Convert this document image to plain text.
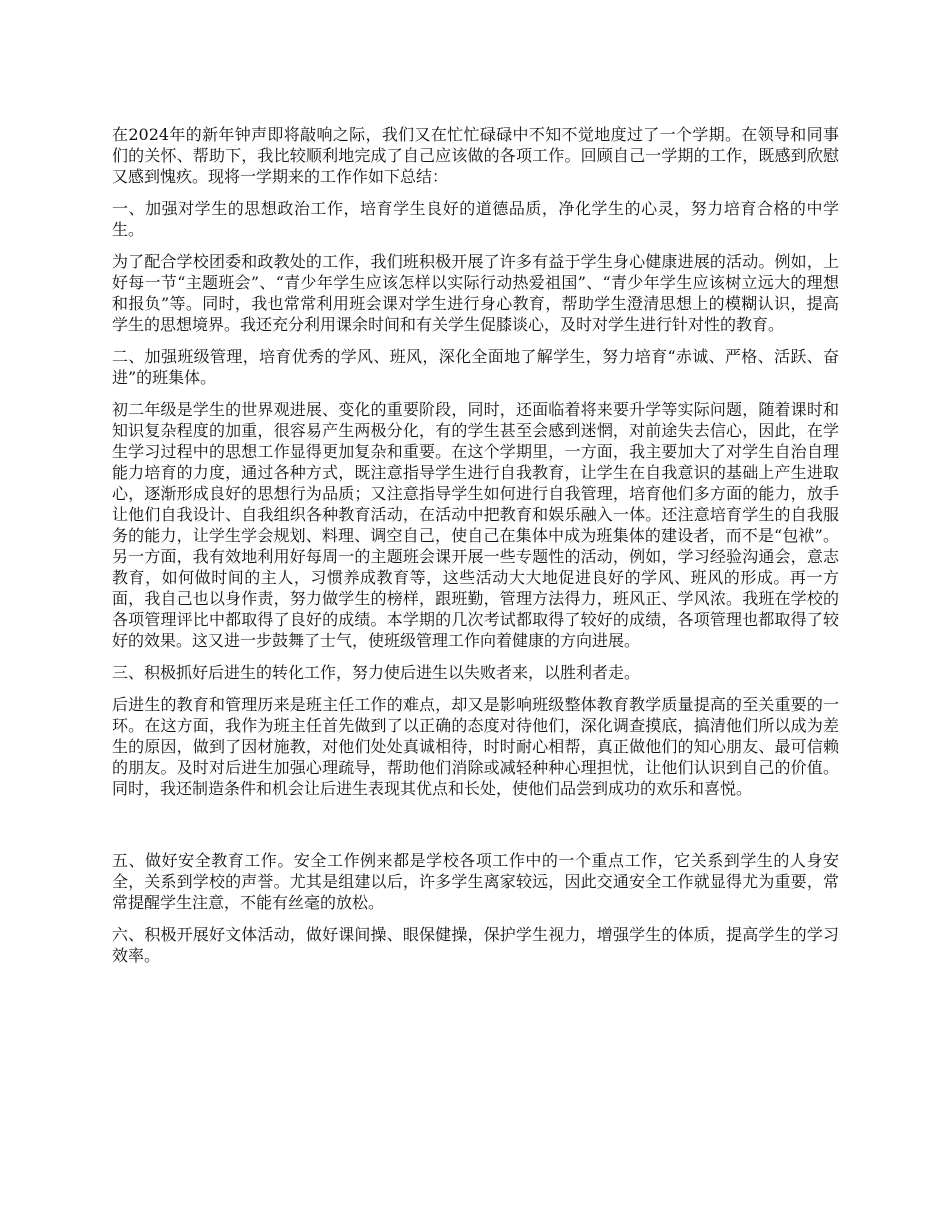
在2024年的新年钟声即将敲响之际，我们又在忙忙碌碌中不知不觉地度过了一个学期。在领导和同事们的关怀、帮助下，我比较顺利地完成了自己应该做的各项工作。回顾自己一学期的工作，既感到欣慰又感到愧疚。现将一学期来的工作作如下总结：

一、加强对学生的思想政治工作，培育学生良好的道德品质，净化学生的心灵，努力培育合格的中学生。

为了配合学校团委和政教处的工作，我们班积极开展了许多有益于学生身心健康进展的活动。例如，上好每一节“主题班会”、“青少年学生应该怎样以实际行动热爱祖国”、“青少年学生应该树立远大的理想和报负”等。同时，我也常常利用班会课对学生进行身心教育，帮助学生澄清思想上的模糊认识，提高学生的思想境界。我还充分利用课余时间和有关学生促膝谈心，及时对学生进行针对性的教育。

二、加强班级管理，培育优秀的学风、班风，深化全面地了解学生，努力培育“赤诚、严格、活跃、奋进”的班集体。

初二年级是学生的世界观进展、变化的重要阶段，同时，还面临着将来要升学等实际问题，随着课时和知识复杂程度的加重，很容易产生两极分化，有的学生甚至会感到迷惘，对前途失去信心，因此，在学生学习过程中的思想工作显得更加复杂和重要。在这个学期里，一方面，我主要加大了对学生自治自理能力培育的力度，通过各种方式，既注意指导学生进行自我教育，让学生在自我意识的基础上产生进取心，逐渐形成良好的思想行为品质；又注意指导学生如何进行自我管理，培育他们多方面的能力，放手让他们自我设计、自我组织各种教育活动，在活动中把教育和娱乐融入一体。还注意培育学生的自我服务的能力，让学生学会规划、料理、调空自己，使自己在集体中成为班集体的建设者，而不是“包袱”。另一方面，我有效地利用好每周一的主题班会课开展一些专题性的活动，例如，学习经验沟通会，意志教育，如何做时间的主人，习惯养成教育等，这些活动大大地促进良好的学风、班风的形成。再一方面，我自己也以身作责，努力做学生的榜样，跟班勤，管理方法得力，班风正、学风浓。我班在学校的各项管理评比中都取得了良好的成绩。本学期的几次考试都取得了较好的成绩，各项管理也都取得了较好的效果。这又进一步鼓舞了士气，使班级管理工作向着健康的方向进展。

三、积极抓好后进生的转化工作，努力使后进生以失败者来，以胜利者走。

后进生的教育和管理历来是班主任工作的难点，却又是影响班级整体教育教学质量提高的至关重要的一环。在这方面，我作为班主任首先做到了以正确的态度对待他们，深化调查摸底，搞清他们所以成为差生的原因，做到了因材施教，对他们处处真诚相待，时时耐心相帮，真正做他们的知心朋友、最可信赖的朋友。及时对后进生加强心理疏导，帮助他们消除或减轻种种心理担忧，让他们认识到自己的价值。同时，我还制造条件和机会让后进生表现其优点和长处，使他们品尝到成功的欢乐和喜悦。

五、做好安全教育工作。安全工作例来都是学校各项工作中的一个重点工作，它关系到学生的人身安全，关系到学校的声誉。尤其是组建以后，许多学生离家较远，因此交通安全工作就显得尤为重要，常常提醒学生注意，不能有丝毫的放松。

六、积极开展好文体活动，做好课间操、眼保健操，保护学生视力，增强学生的体质，提高学生的学习效率。
